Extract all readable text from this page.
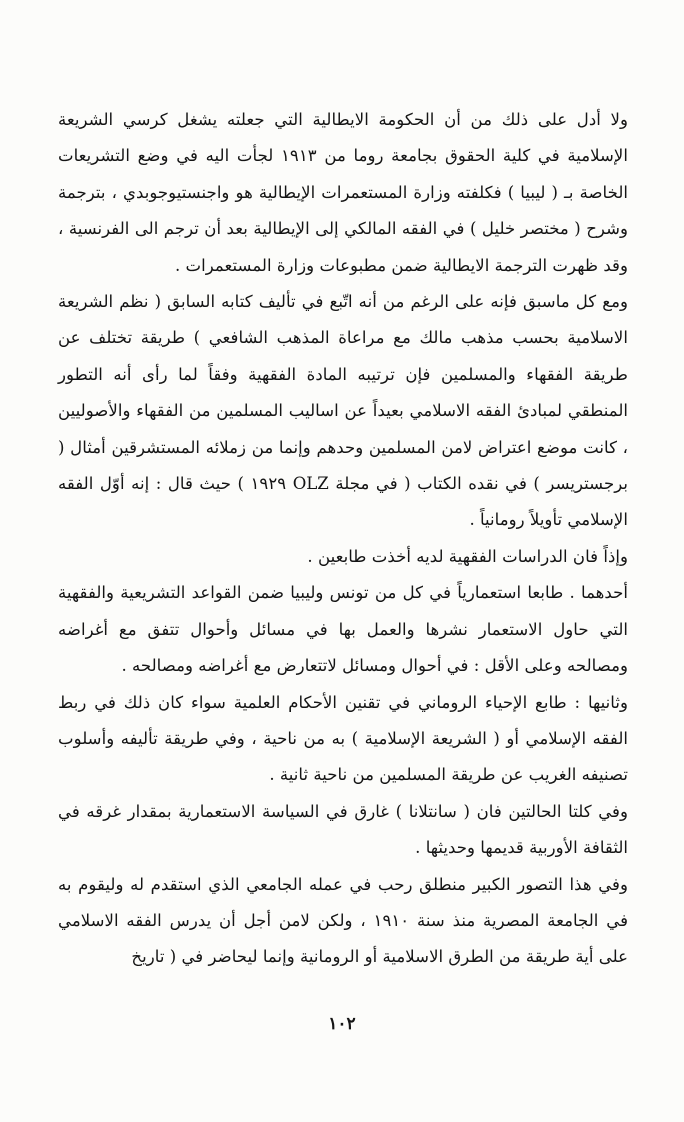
ولا أدل على ذلك من أن الحكومة الايطالية التي جعلته يشغل كرسي الشريعة الإسلامية في كلية الحقوق بجامعة روما من ١٩١٣ لجأت اليه في وضع التشريعات الخاصة بـ ( ليبيا ) فكلفته وزارة المستعمرات الإيطالية هو واجنستيوجوبدي ، بترجمة وشرح ( مختصر خليل ) في الفقه المالكي إلى الإيطالية بعد أن ترجم الى الفرنسية ، وقد ظهرت الترجمة الايطالية ضمن مطبوعات وزارة المستعمرات .

ومع كل ماسبق فإنه على الرغم من أنه اتّبع في تأليف كتابه السابق ( نظم الشريعة الاسلامية بحسب مذهب مالك مع مراعاة المذهب الشافعي ) طريقة تختلف عن طريقة الفقهاء والمسلمين فإن ترتيبه المادة الفقهية وفقاً لما رأى أنه التطور المنطقي لمبادئ الفقه الاسلامي بعيداً عن اساليب المسلمين من الفقهاء والأصوليين ، كانت موضع اعتراض لامن المسلمين وحدهم وإنما من زملائه المستشرقين أمثال ( برجستريسر ) في نقده الكتاب ( في مجلة OLZ ١٩٢٩ ) حيث قال : إنه أوّل الفقه الإسلامي تأويلاً رومانياً .

وإذاً فان الدراسات الفقهية لديه أخذت طابعين .

أحدهما . طابعا استعمارياً في كل من تونس وليبيا ضمن القواعد التشريعية والفقهية التي حاول الاستعمار نشرها والعمل بها في مسائل وأحوال تتفق مع أغراضه ومصالحه وعلى الأقل : في أحوال ومسائل لاتتعارض مع أغراضه ومصالحه .

وثانيها : طابع الإحياء الروماني في تقنين الأحكام العلمية سواء كان ذلك في ربط الفقه الإسلامي أو ( الشريعة الإسلامية ) به من ناحية ، وفي طريقة تأليفه وأسلوب تصنيفه الغريب عن طريقة المسلمين من ناحية ثانية .

وفي كلتا الحالتين فان ( سانتلانا ) غارق في السياسة الاستعمارية بمقدار غرقه في الثقافة الأوربية قديمها وحديثها .

وفي هذا التصور الكبير منطلق رحب في عمله الجامعي الذي استقدم له وليقوم به في الجامعة المصرية منذ سنة ١٩١٠ ، ولكن لامن أجل أن يدرس الفقه الاسلامي على أية طريقة من الطرق الاسلامية أو الرومانية وإنما ليحاضر في ( تاريخ

١٠٢
